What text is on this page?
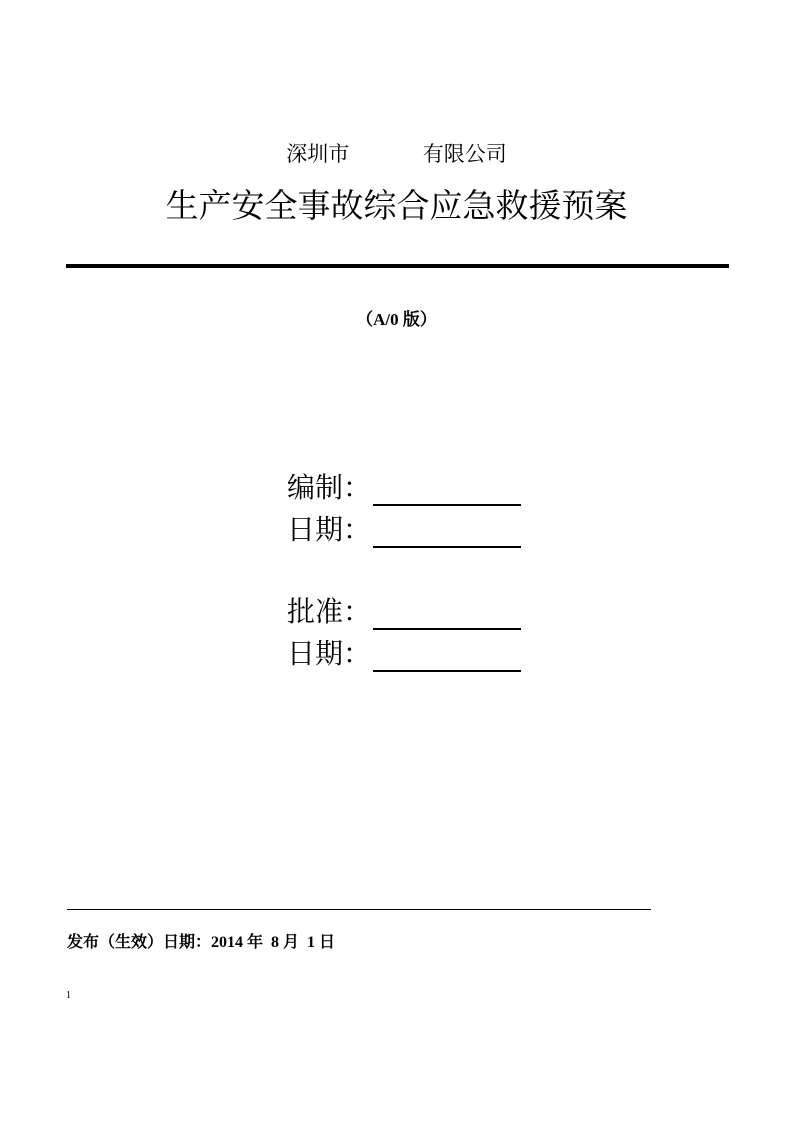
深圳市           有限公司
生产安全事故综合应急救援预案
（A/0 版）
编制：
日期：
批准：
日期：
发布（生效）日期：2014 年  8 月  1 日
1
